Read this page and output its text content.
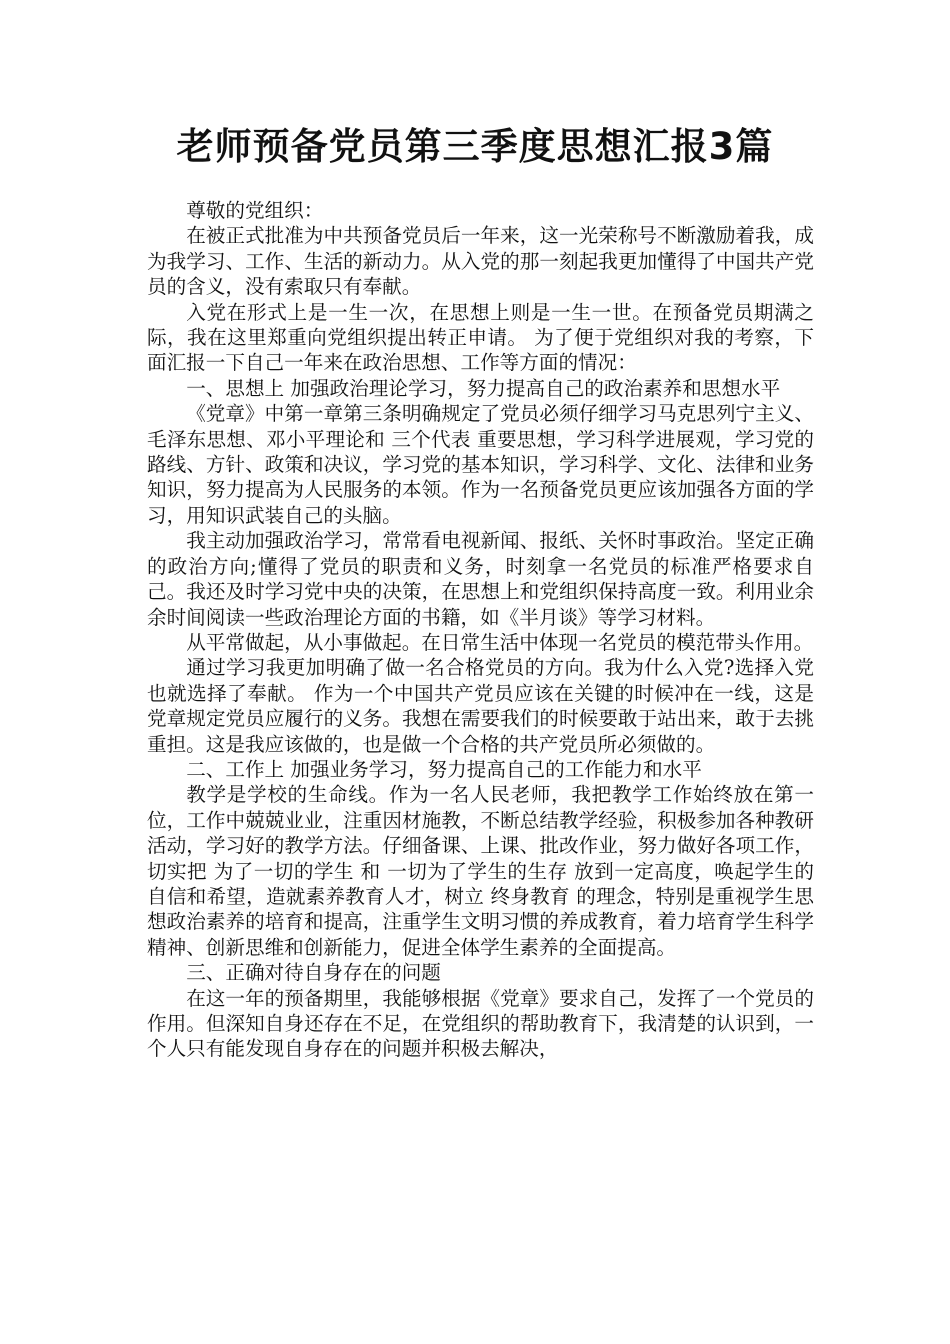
老师预备党员第三季度思想汇报3篇

尊敬的党组织：

在被正式批准为中共预备党员后一年来，这一光荣称号不断激励着我，成为我学习、工作、生活的新动力。从入党的那一刻起我更加懂得了中国共产党员的含义，没有索取只有奉献。

入党在形式上是一生一次，在思想上则是一生一世。在预备党员期满之际，我在这里郑重向党组织提出转正申请。 为了便于党组织对我的考察，下面汇报一下自己一年来在政治思想、工作等方面的情况：

一、思想上 加强政治理论学习，努力提高自己的政治素养和思想水平

《党章》中第一章第三条明确规定了党员必须仔细学习马克思列宁主义、毛泽东思想、邓小平理论和 三个代表 重要思想，学习科学进展观，学习党的路线、方针、政策和决议，学习党的基本知识，学习科学、文化、法律和业务知识，努力提高为人民服务的本领。作为一名预备党员更应该加强各方面的学习，用知识武装自己的头脑。

我主动加强政治学习，常常看电视新闻、报纸、关怀时事政治。坚定正确的政治方向;懂得了党员的职责和义务，时刻拿一名党员的标准严格要求自己。我还及时学习党中央的决策，在思想上和党组织保持高度一致。利用业余余时间阅读一些政治理论方面的书籍，如《半月谈》等学习材料。

从平常做起，从小事做起。在日常生活中体现一名党员的模范带头作用。

通过学习我更加明确了做一名合格党员的方向。我为什么入党?选择入党也就选择了奉献。 作为一个中国共产党员应该在关键的时候冲在一线，这是党章规定党员应履行的义务。我想在需要我们的时候要敢于站出来，敢于去挑重担。这是我应该做的，也是做一个合格的共产党员所必须做的。

二、工作上 加强业务学习，努力提高自己的工作能力和水平

教学是学校的生命线。作为一名人民老师，我把教学工作始终放在第一位，工作中兢兢业业，注重因材施教，不断总结教学经验，积极参加各种教研活动，学习好的教学方法。仔细备课、上课、批改作业，努力做好各项工作，切实把 为了一切的学生 和 一切为了学生的生存 放到一定高度，唤起学生的自信和希望，造就素养教育人才，树立 终身教育 的理念，特别是重视学生思想政治素养的培育和提高，注重学生文明习惯的养成教育，着力培育学生科学精神、创新思维和创新能力，促进全体学生素养的全面提高。

三、正确对待自身存在的问题

在这一年的预备期里，我能够根据《党章》要求自己，发挥了一个党员的作用。但深知自身还存在不足，在党组织的帮助教育下，我清楚的认识到，一个人只有能发现自身存在的问题并积极去解决，
